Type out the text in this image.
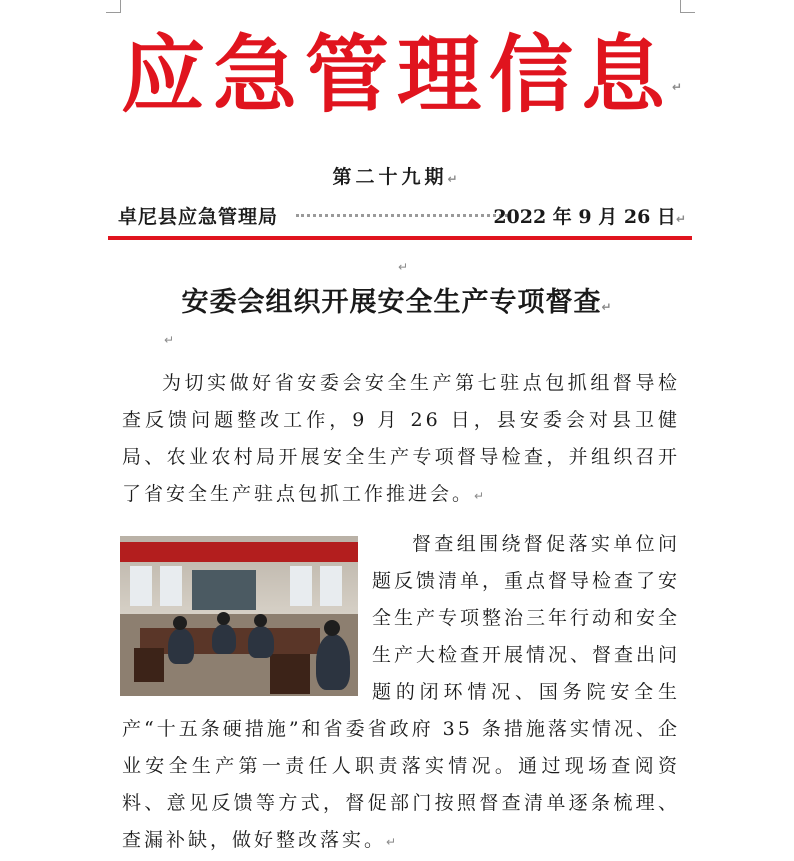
应急管理信息 ↵
第二十九期↵
卓尼县应急管理局	2022 年 9 月 26 日↵
↵
安委会组织开展安全生产专项督查↵
↵
为切实做好省安委会安全生产第七驻点包抓组督导检查反馈问题整改工作，9 月 26 日，县安委会对县卫健局、农业农村局开展安全生产专项督导检查，并组织召开了省安全生产驻点包抓工作推进会。↵
督查组围绕督促落实单位问题反馈清单，重点督导检查了安全生产专项整治三年行动和安全生产大检查开展情况、督查出问题的闭环情况、国务院安全生产“十五条硬措施”和省委省政府 35 条措施落实情况、企业安全生产第一责任人职责落实情况。通过现场查阅资料、意见反馈等方式，督促部门按照督查清单逐条梳理、查漏补缺，做好整改落实。↵
